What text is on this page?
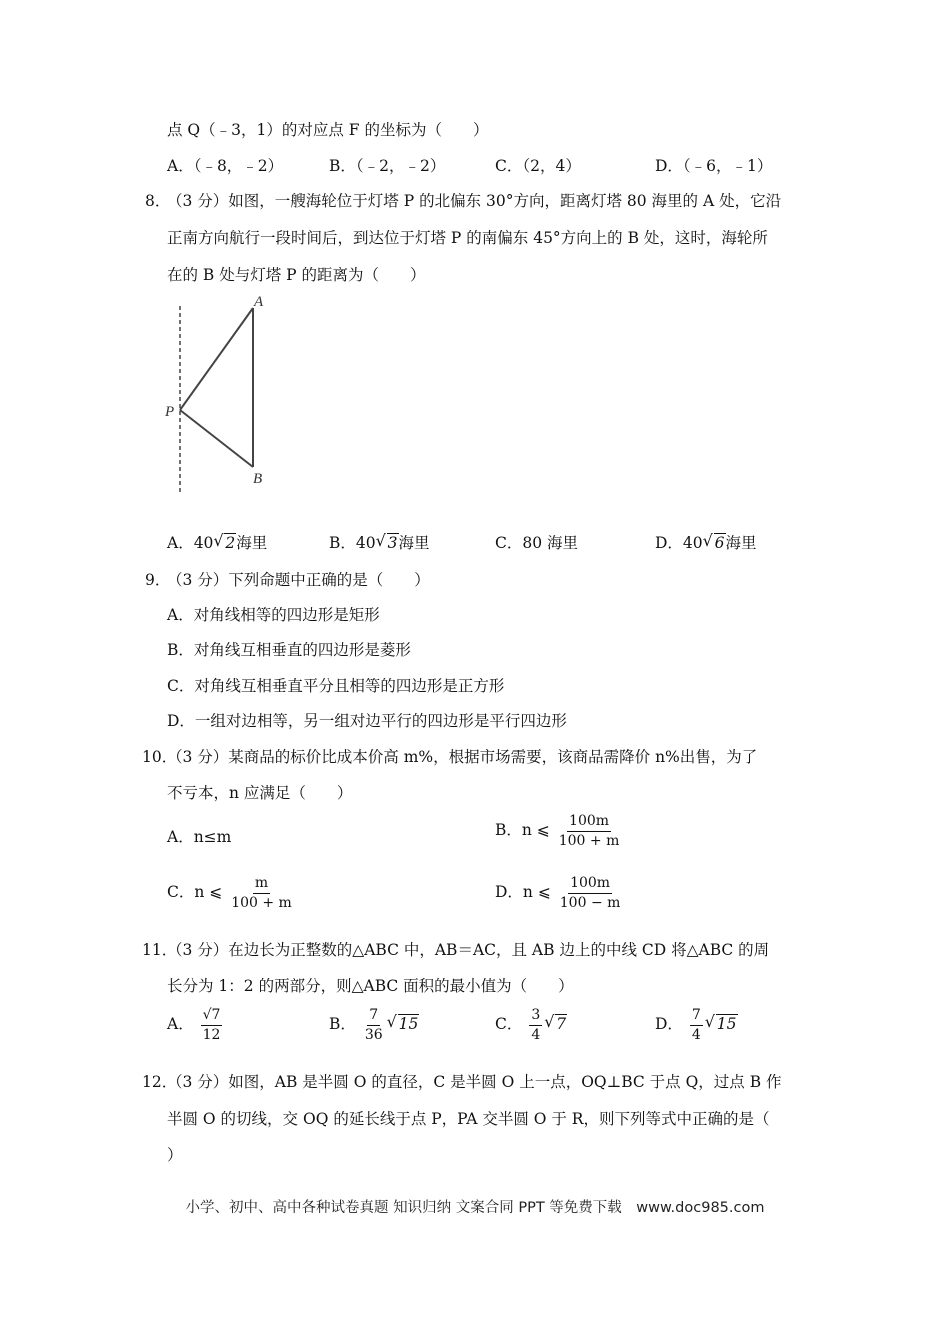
点 Q（﹣3，1）的对应点 F 的坐标为（　　）
A．（﹣8，﹣2）	B．（﹣2，﹣2）	C．（2，4）	D．（﹣6，﹣1）
8．
（3 分）如图，一艘海轮位于灯塔 P 的北偏东 30°方向，距离灯塔 80 海里的 A 处，它沿
正南方向航行一段时间后，到达位于灯塔 P 的南偏东 45°方向上的 B 处，这时，海轮所
在的 B 处与灯塔 P 的距离为（　　）
A
P
B
A．40 √ 2海里	B．40 √ 3海里	C．80 海里	D．40 √ 6海里
9．
（3 分）下列命题中正确的是（　　）
A．对角线相等的四边形是矩形
B．对角线互相垂直的四边形是菱形
C．对角线互相垂直平分且相等的四边形是正方形
D．一组对边相等，另一组对边平行的四边形是平行四边形
10．
（3 分）某商品的标价比成本价高 m%，根据市场需要，该商品需降价 n%出售，为了
不亏本，n 应满足（　　）
A．n≤m	B．n ⩽ $\frac{100m}{100 + m}$
C．n ⩽ $\frac{m}{100 + m}$	D．n ⩽ $\frac{100m}{100 - m}$
11．
（3 分）在边长为正整数的△ABC 中，AB＝AC，且 AB 边上的中线 CD 将△ABC 的周
长分为 1：2 的两部分，则△ABC 面积的最小值为（　　）
A． $\frac{√7}{12}$	B． $\frac{7}{36}$ √ 15	C． $\frac{3}{4}$ √ 7	D． $\frac{7}{4}$ √ 15
12．
（3 分）如图，AB 是半圆 O 的直径，C 是半圆 O 上一点，OQ⊥BC 于点 Q，过点 B 作
半圆 O 的切线，交 OQ 的延长线于点 P，PA 交半圆 O 于 R，则下列等式中正确的是（
）
小学、初中、高中各种试卷真题 知识归纳 文案合同 PPT 等免费下载　www.doc985.com
